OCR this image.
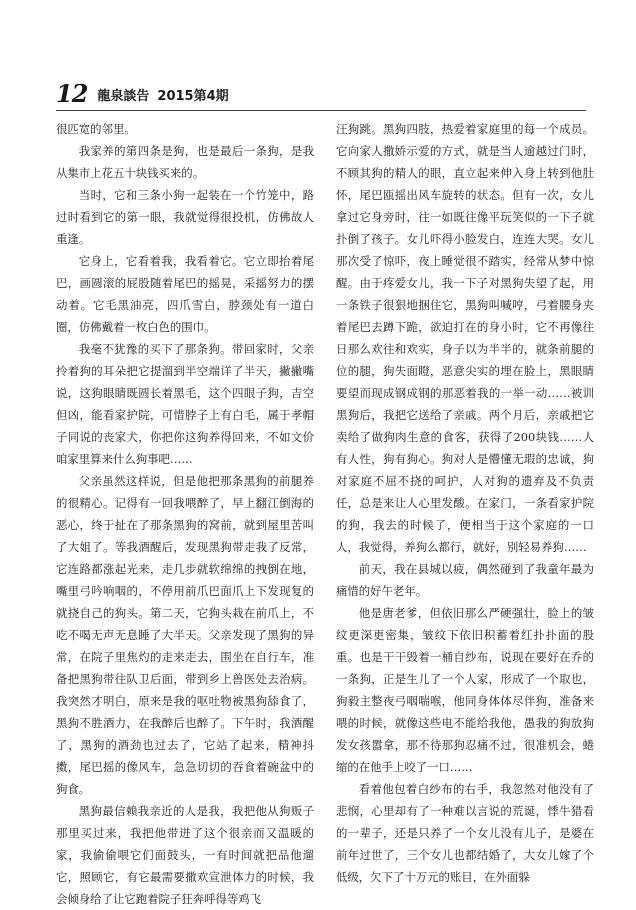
12 龍泉談告 2015第4期

很匹宽的邻里。

我家养的第四条是狗，也是最后一条狗，是我从集市上花五十块钱买来的。

当时，它和三条小狗一起装在一个竹笼中，路过时看到它的第一眼，我就觉得很投机，仿佛故人重逢。

它身上，它看着我，我看着它。它立即抬着尾巴，画圆滚的屁股随着尾巴的摇晃，采摇努力的摆动着。它毛黑油亮，四爪雪白，脖颈处有一道白圈，仿佛戴着一枚白色的围巾。

我毫不犹豫的买下了那条狗。带回家时，父亲拎着狗的耳朵把它提溜到半空端详了半天，撇撇嘴说，这狗眼睛既圆长着黑毛，这个四眼子狗，吉空但凶，能看家护院，可惜脖子上有白毛，属于孝帽子同说的丧家犬，你把你这狗养得回来，不如文价咱家里算来什么狗事吧……

父亲虽然这样说，但是他把那条黑狗的前腿养的很精心。记得有一回我喂醉了，早上翻江倒海的恶心，终于扯在了那条黑狗的窝前，就到屋里苦叫了大姐了。等我酒醒后，发现黑狗带走我了反常，它连路都涨起光来，走几步就软绵绵的拽倒在地，嘴里弓吟响咽的，不停用前爪巴面爪上下发现复的就挠自己的狗头。第二天，它狗头栽在前爪上，不吃不喝无声无息睡了大半天。父亲发现了黑狗的异常，在院子里焦灼的走来走去，围坐在自行车，准备把黑狗带往队卫后面，带到乡上兽医处去治病。我突然才明白，原来是我的呕吐物被黑狗舔食了，黑狗不胜酒力，在我醉后也醉了。下午时，我酒醒了，黑狗的酒劲也过去了，它站了起来，精神抖擞，尾巴摇的像风车，急急切切的吞食着碗盆中的狗食。

黑狗最信赖我亲近的人是我，我把他从狗贩子那里买过来，我把他带进了这个很亲而又温暖的家，我偷偷喂它们面鼓头，一有时间就把品他遛它，照顾它，有它最需要撒欢宣泄体力的时候，我会倾身给了让它跑着院子狂奔呼得等鸡飞

汪狗跳。黑狗四肢，热爱着家庭里的每一个成员。它向家人撒娇示爱的方式，就是当人逾越过门时，不顾其狗的精人的眼，直立起来伸入身上转到他肚怀，尾巴瓯摇出风车旋转的状态。但有一次，女儿拿过它身旁时，往一如既往像平玩笑似的一下子就扑倒了孩子。女儿吓得小脸发白，连连大哭。女儿那次受了惊吓，夜上睡觉很不踏实，经常从梦中惊醒。由于疼爱女儿，我一下子对黑狗失望了起，用一条铁子很狠地捆住它，黑狗叫喊哼，弓着腰身夹着尾巴去蹲下跪，欲迫打在的身小时，它不再像往日那么欢往和欢实，身子以为半半的，就条前腿的位的腿，狗失面瞪，恶意尖实的埋在脸上，黑眼睛要望而现成钢成钢的那恶着我的一举一动……被训黑狗后，我把它送给了亲戚。两个月后，亲戚把它卖给了做狗肉生意的食客，获得了200块钱……人有人性，狗有狗心。狗对人是懵懂无瑕的忠诚，狗对家庭不屈不挠的呵护，人对狗的遗弃及不负责任，总是来让人心里发酸。在家门，一条看家护院的狗，我去的时候了，便相当于这个家庭的一口人，我觉得，养狗么都行，就好，别轻易养狗……

前天，我在县城以疲，偶然碰到了我童年最为痛惜的好午老年。

他是唐老爹，但依旧那么严硬强壮，脸上的皱纹更深更密集，皱纹下依旧积蓄着红扑扑面的股重。也是干干毁着一桶自纱布，说现在要好在乔的一条狗，正是生儿了一个人家，形成了一个取也，狗毅主整夜弓咽喘喉，他同身体体尽伴狗，准备来喂的时候，就像这些电不能给我他，愚我的狗放狗发女孩嚣拿，那不待那狗忍痛不过，很准机会，蜷缩的在他手上咬了一口……

看着他包着白纱布的右手，我忽然对他没有了悲悯，心里却有了一种难以言说的荒诞，悸牛猎看的一辈子，还是只养了一个女儿没有儿子，是婆在前年过世了，三个女儿也都结婚了，大女儿嫁了个低级，欠下了十万元的账目，在外面躲
